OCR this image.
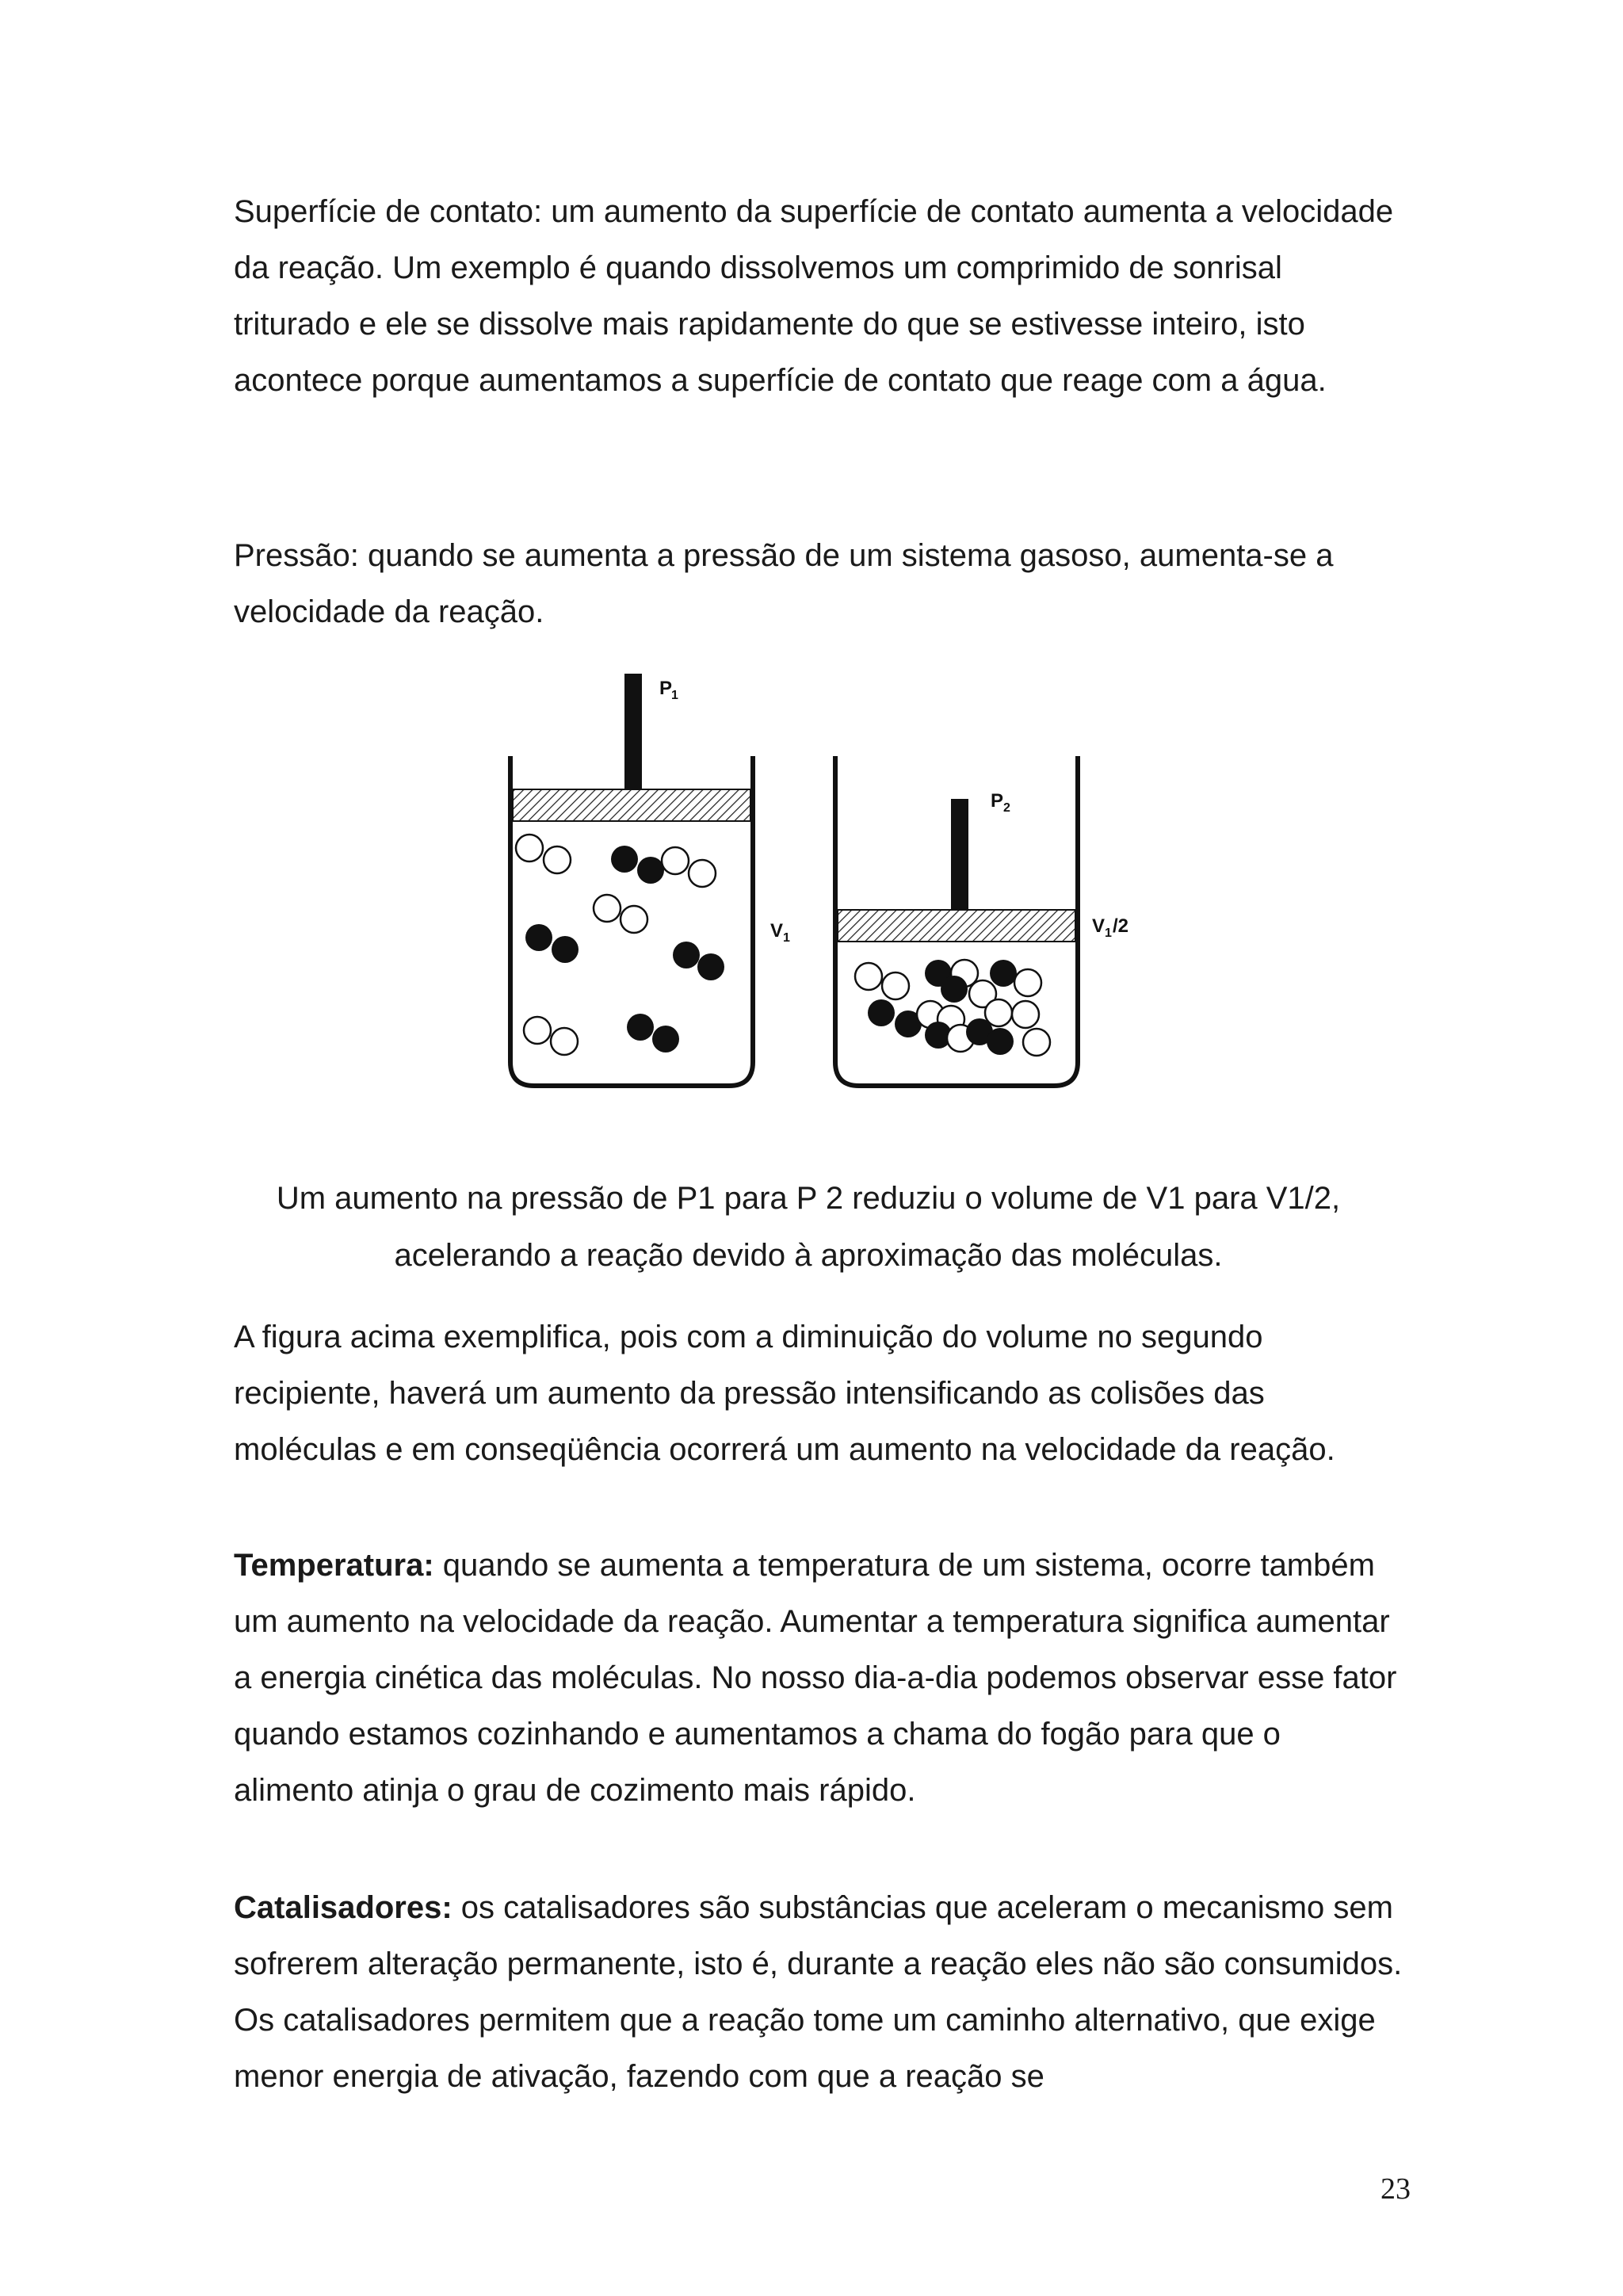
Superfície de contato: um aumento da superfície de contato aumenta a velocidade da reação. Um exemplo é quando dissolvemos um comprimido de sonrisal triturado e ele se dissolve mais rapidamente do que se estivesse inteiro, isto acontece porque aumentamos a superfície de contato que reage com a água.

Pressão: quando se aumenta a pressão de um sistema gasoso, aumenta-se a velocidade da reação.

P
1
V 1
P 2
V 1 /2
Um aumento na pressão de P1 para P 2 reduziu o volume de V1 para V1/2,
acelerando a reação devido à aproximação das moléculas.

A figura acima exemplifica, pois com a diminuição do volume no segundo recipiente, haverá um aumento da pressão intensificando as colisões das moléculas e em conseqüência ocorrerá um aumento na velocidade da reação.

Temperatura: quando se aumenta a temperatura de um sistema, ocorre também um aumento na velocidade da reação. Aumentar a temperatura significa aumentar a energia cinética das moléculas. No nosso dia-a-dia podemos observar esse fator quando estamos cozinhando e aumentamos a chama do fogão para que o alimento atinja o grau de cozimento mais rápido.

Catalisadores: os catalisadores são substâncias que aceleram o mecanismo sem sofrerem alteração permanente, isto é, durante a reação eles não são consumidos. Os catalisadores permitem que a reação tome um caminho alternativo, que exige menor energia de ativação, fazendo com que a reação se

23
